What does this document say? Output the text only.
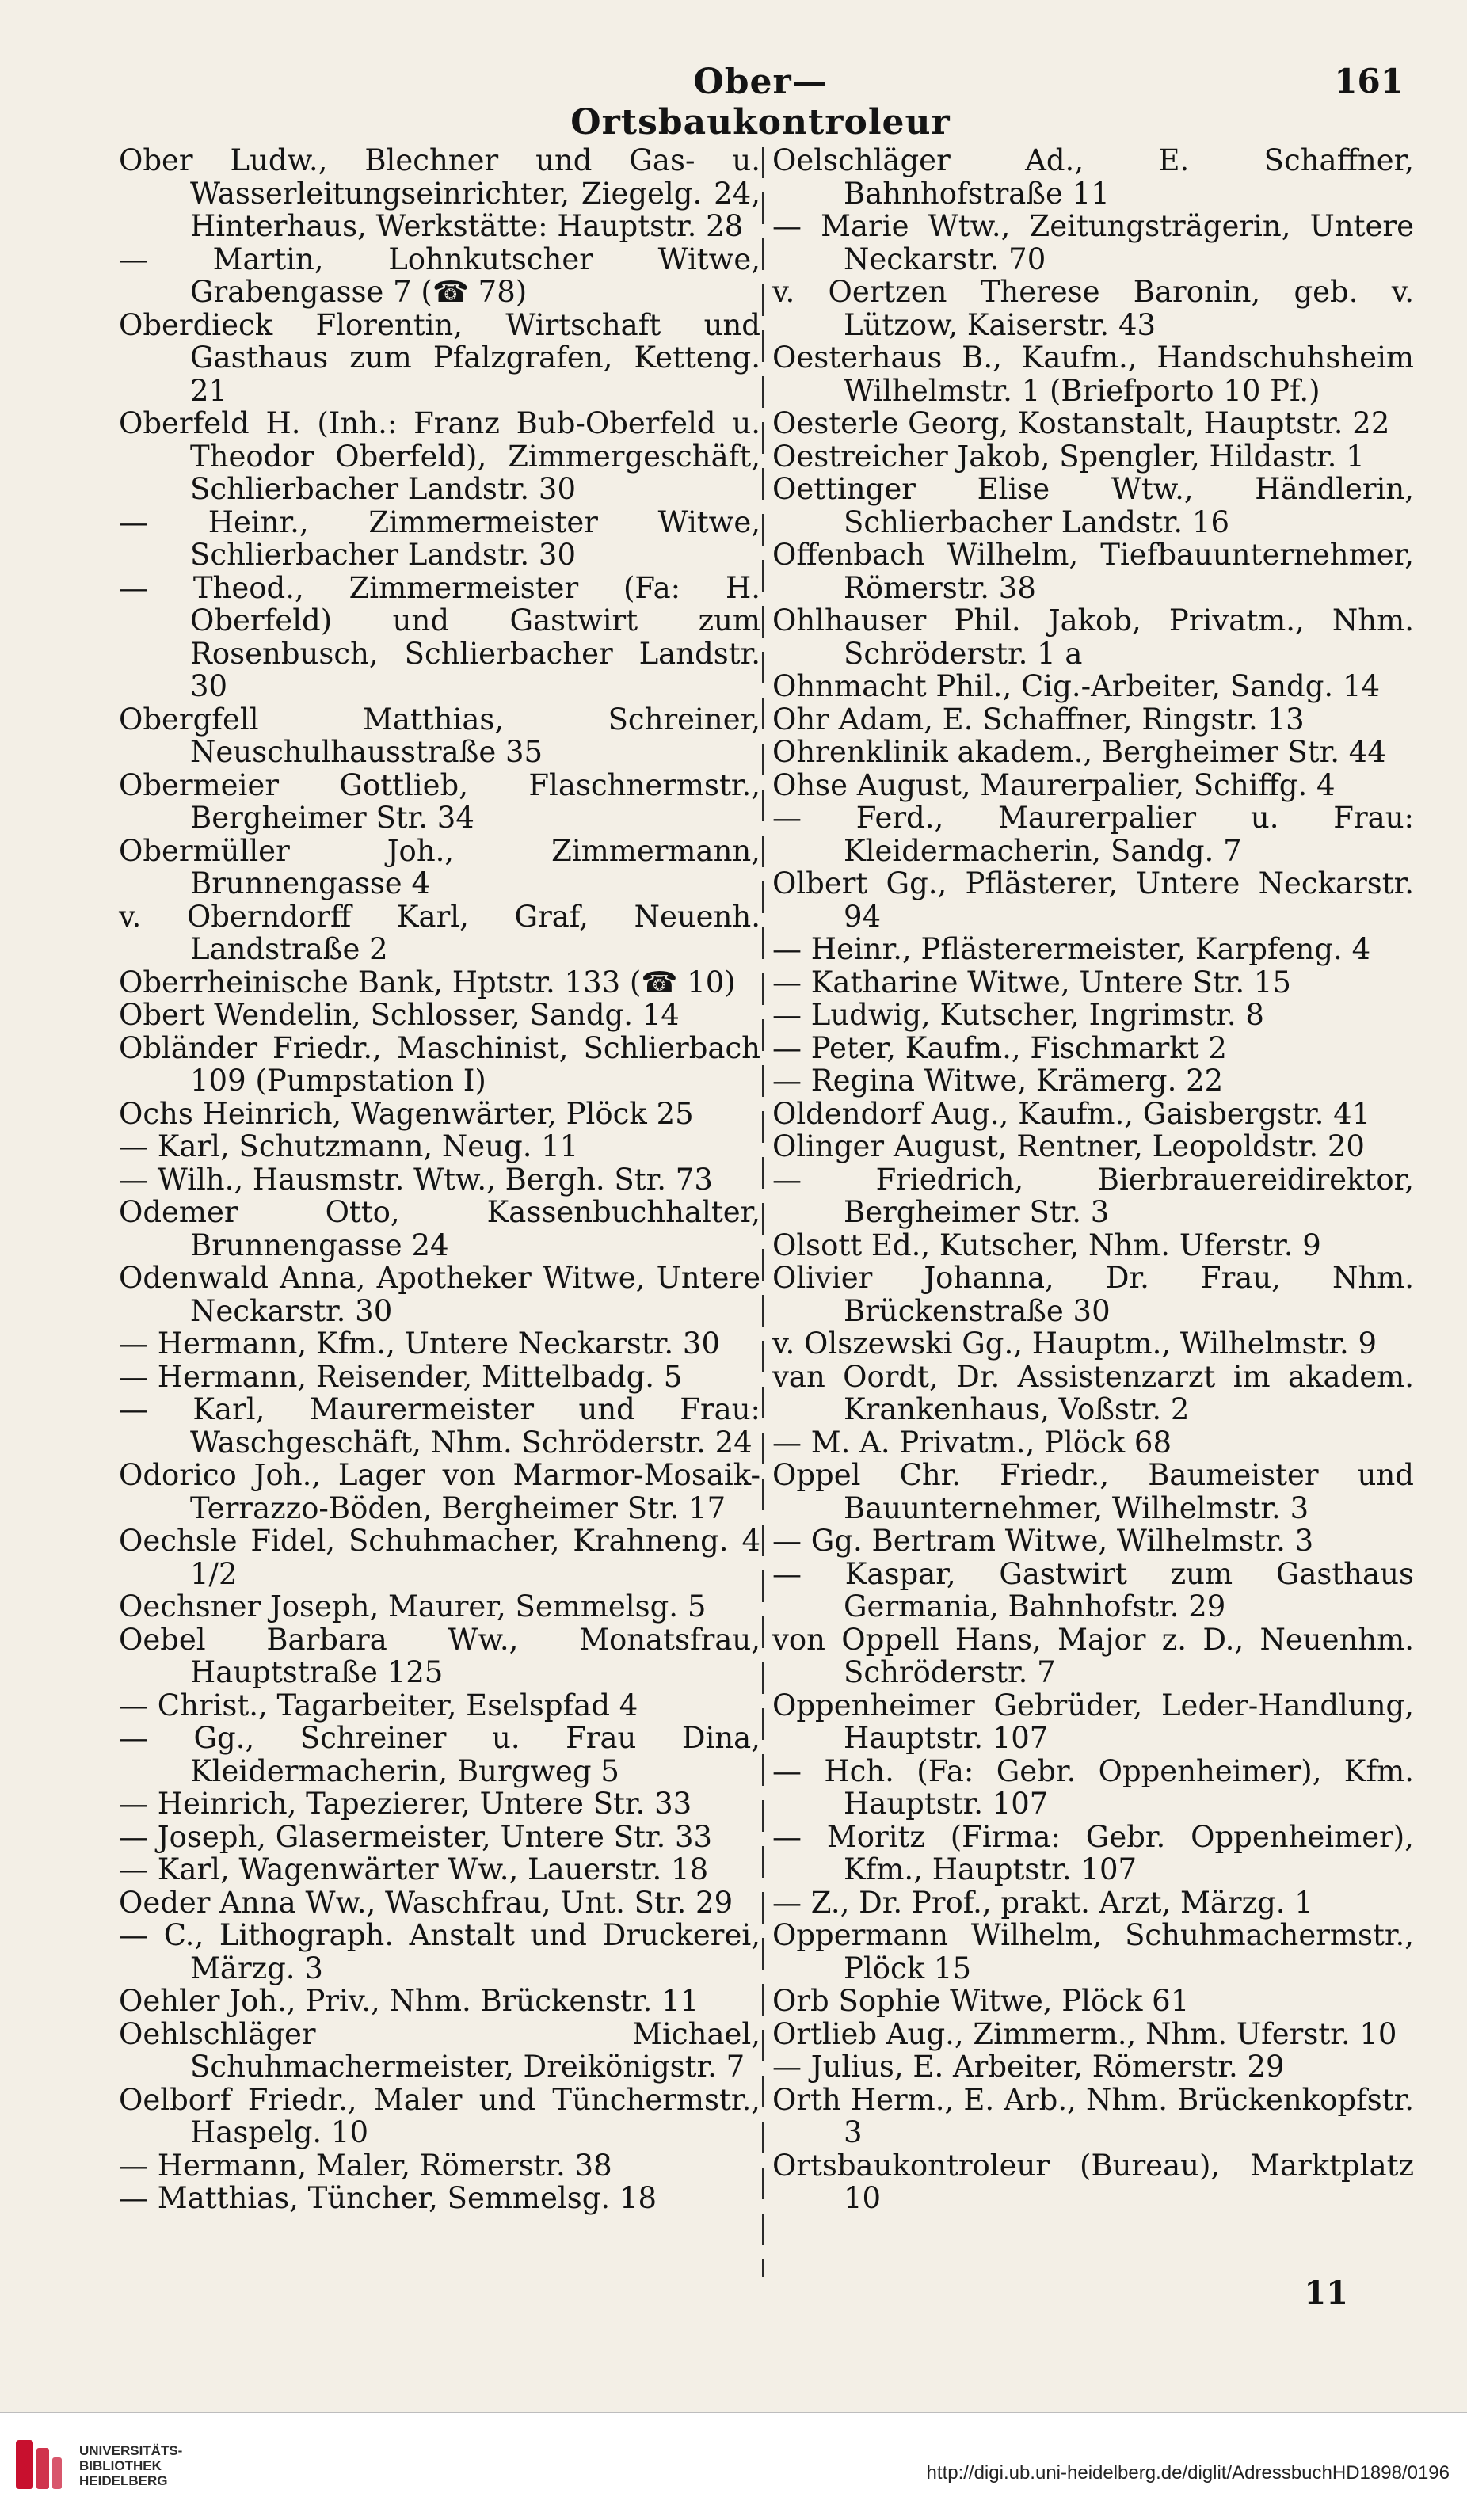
Ober—Ortsbaukontroleur
161

Ober Ludw., Blechner und Gas- u. Wasserleitungseinrichter, Ziegelg. 24, Hinterhaus, Werkstätte: Hauptstr. 28

— Martin, Lohnkutscher Witwe, Grabengasse 7 (☎ 78)

Oberdieck Florentin, Wirtschaft und Gasthaus zum Pfalzgrafen, Ketteng. 21

Oberfeld H. (Inh.: Franz Bub-Oberfeld u. Theodor Oberfeld), Zimmergeschäft, Schlierbacher Landstr. 30

— Heinr., Zimmermeister Witwe, Schlierbacher Landstr. 30

— Theod., Zimmermeister (Fa: H. Oberfeld) und Gastwirt zum Rosenbusch, Schlierbacher Landstr. 30

Obergfell Matthias, Schreiner, Neuschulhausstraße 35

Obermeier Gottlieb, Flaschnermstr., Bergheimer Str. 34

Obermüller Joh., Zimmermann, Brunnengasse 4

v. Oberndorff Karl, Graf, Neuenh. Landstraße 2

Oberrheinische Bank, Hptstr. 133 (☎ 10)

Obert Wendelin, Schlosser, Sandg. 14

Obländer Friedr., Maschinist, Schlierbach 109 (Pumpstation I)

Ochs Heinrich, Wagenwärter, Plöck 25

— Karl, Schutzmann, Neug. 11

— Wilh., Hausmstr. Wtw., Bergh. Str. 73

Odemer Otto, Kassenbuchhalter, Brunnengasse 24

Odenwald Anna, Apotheker Witwe, Untere Neckarstr. 30

— Hermann, Kfm., Untere Neckarstr. 30

— Hermann, Reisender, Mittelbadg. 5

— Karl, Maurermeister und Frau: Waschgeschäft, Nhm. Schröderstr. 24

Odorico Joh., Lager von Marmor-Mosaik-Terrazzo-Böden, Bergheimer Str. 17

Oechsle Fidel, Schuhmacher, Krahneng. 4 1/2

Oechsner Joseph, Maurer, Semmelsg. 5

Oebel Barbara Ww., Monatsfrau, Hauptstraße 125

— Christ., Tagarbeiter, Eselspfad 4

— Gg., Schreiner u. Frau Dina, Kleidermacherin, Burgweg 5

— Heinrich, Tapezierer, Untere Str. 33

— Joseph, Glasermeister, Untere Str. 33

— Karl, Wagenwärter Ww., Lauerstr. 18

Oeder Anna Ww., Waschfrau, Unt. Str. 29

— C., Lithograph. Anstalt und Druckerei, Märzg. 3

Oehler Joh., Priv., Nhm. Brückenstr. 11

Oehlschläger Michael, Schuhmachermeister, Dreikönigstr. 7

Oelborf Friedr., Maler und Tünchermstr., Haspelg. 10

— Hermann, Maler, Römerstr. 38

— Matthias, Tüncher, Semmelsg. 18

Oelschläger Ad., E. Schaffner, Bahnhofstraße 11

— Marie Wtw., Zeitungsträgerin, Untere Neckarstr. 70

v. Oertzen Therese Baronin, geb. v. Lützow, Kaiserstr. 43

Oesterhaus B., Kaufm., Handschuhsheim Wilhelmstr. 1 (Briefporto 10 Pf.)

Oesterle Georg, Kostanstalt, Hauptstr. 22

Oestreicher Jakob, Spengler, Hildastr. 1

Oettinger Elise Wtw., Händlerin, Schlierbacher Landstr. 16

Offenbach Wilhelm, Tiefbauunternehmer, Römerstr. 38

Ohlhauser Phil. Jakob, Privatm., Nhm. Schröderstr. 1 a

Ohnmacht Phil., Cig.-Arbeiter, Sandg. 14

Ohr Adam, E. Schaffner, Ringstr. 13

Ohrenklinik akadem., Bergheimer Str. 44

Ohse August, Maurerpalier, Schiffg. 4

— Ferd., Maurerpalier u. Frau: Kleidermacherin, Sandg. 7

Olbert Gg., Pflästerer, Untere Neckarstr. 94

— Heinr., Pflästerermeister, Karpfeng. 4

— Katharine Witwe, Untere Str. 15

— Ludwig, Kutscher, Ingrimstr. 8

— Peter, Kaufm., Fischmarkt 2

— Regina Witwe, Krämerg. 22

Oldendorf Aug., Kaufm., Gaisbergstr. 41

Olinger August, Rentner, Leopoldstr. 20

— Friedrich, Bierbrauereidirektor, Bergheimer Str. 3

Olsott Ed., Kutscher, Nhm. Uferstr. 9

Olivier Johanna, Dr. Frau, Nhm. Brückenstraße 30

v. Olszewski Gg., Hauptm., Wilhelmstr. 9

van Oordt, Dr. Assistenzarzt im akadem. Krankenhaus, Voßstr. 2

— M. A. Privatm., Plöck 68

Oppel Chr. Friedr., Baumeister und Bauunternehmer, Wilhelmstr. 3

— Gg. Bertram Witwe, Wilhelmstr. 3

— Kaspar, Gastwirt zum Gasthaus Germania, Bahnhofstr. 29

von Oppell Hans, Major z. D., Neuenhm. Schröderstr. 7

Oppenheimer Gebrüder, Leder-Handlung, Hauptstr. 107

— Hch. (Fa: Gebr. Oppenheimer), Kfm. Hauptstr. 107

— Moritz (Firma: Gebr. Oppenheimer), Kfm., Hauptstr. 107

— Z., Dr. Prof., prakt. Arzt, Märzg. 1

Oppermann Wilhelm, Schuhmachermstr., Plöck 15

Orb Sophie Witwe, Plöck 61

Ortlieb Aug., Zimmerm., Nhm. Uferstr. 10

— Julius, E. Arbeiter, Römerstr. 29

Orth Herm., E. Arb., Nhm. Brückenkopfstr. 3

Ortsbaukontroleur (Bureau), Marktplatz 10

11
UNIVERSITÄTS-
BIBLIOTHEK
HEIDELBERG	http://digi.ub.uni-heidelberg.de/diglit/AdressbuchHD1898/0196
